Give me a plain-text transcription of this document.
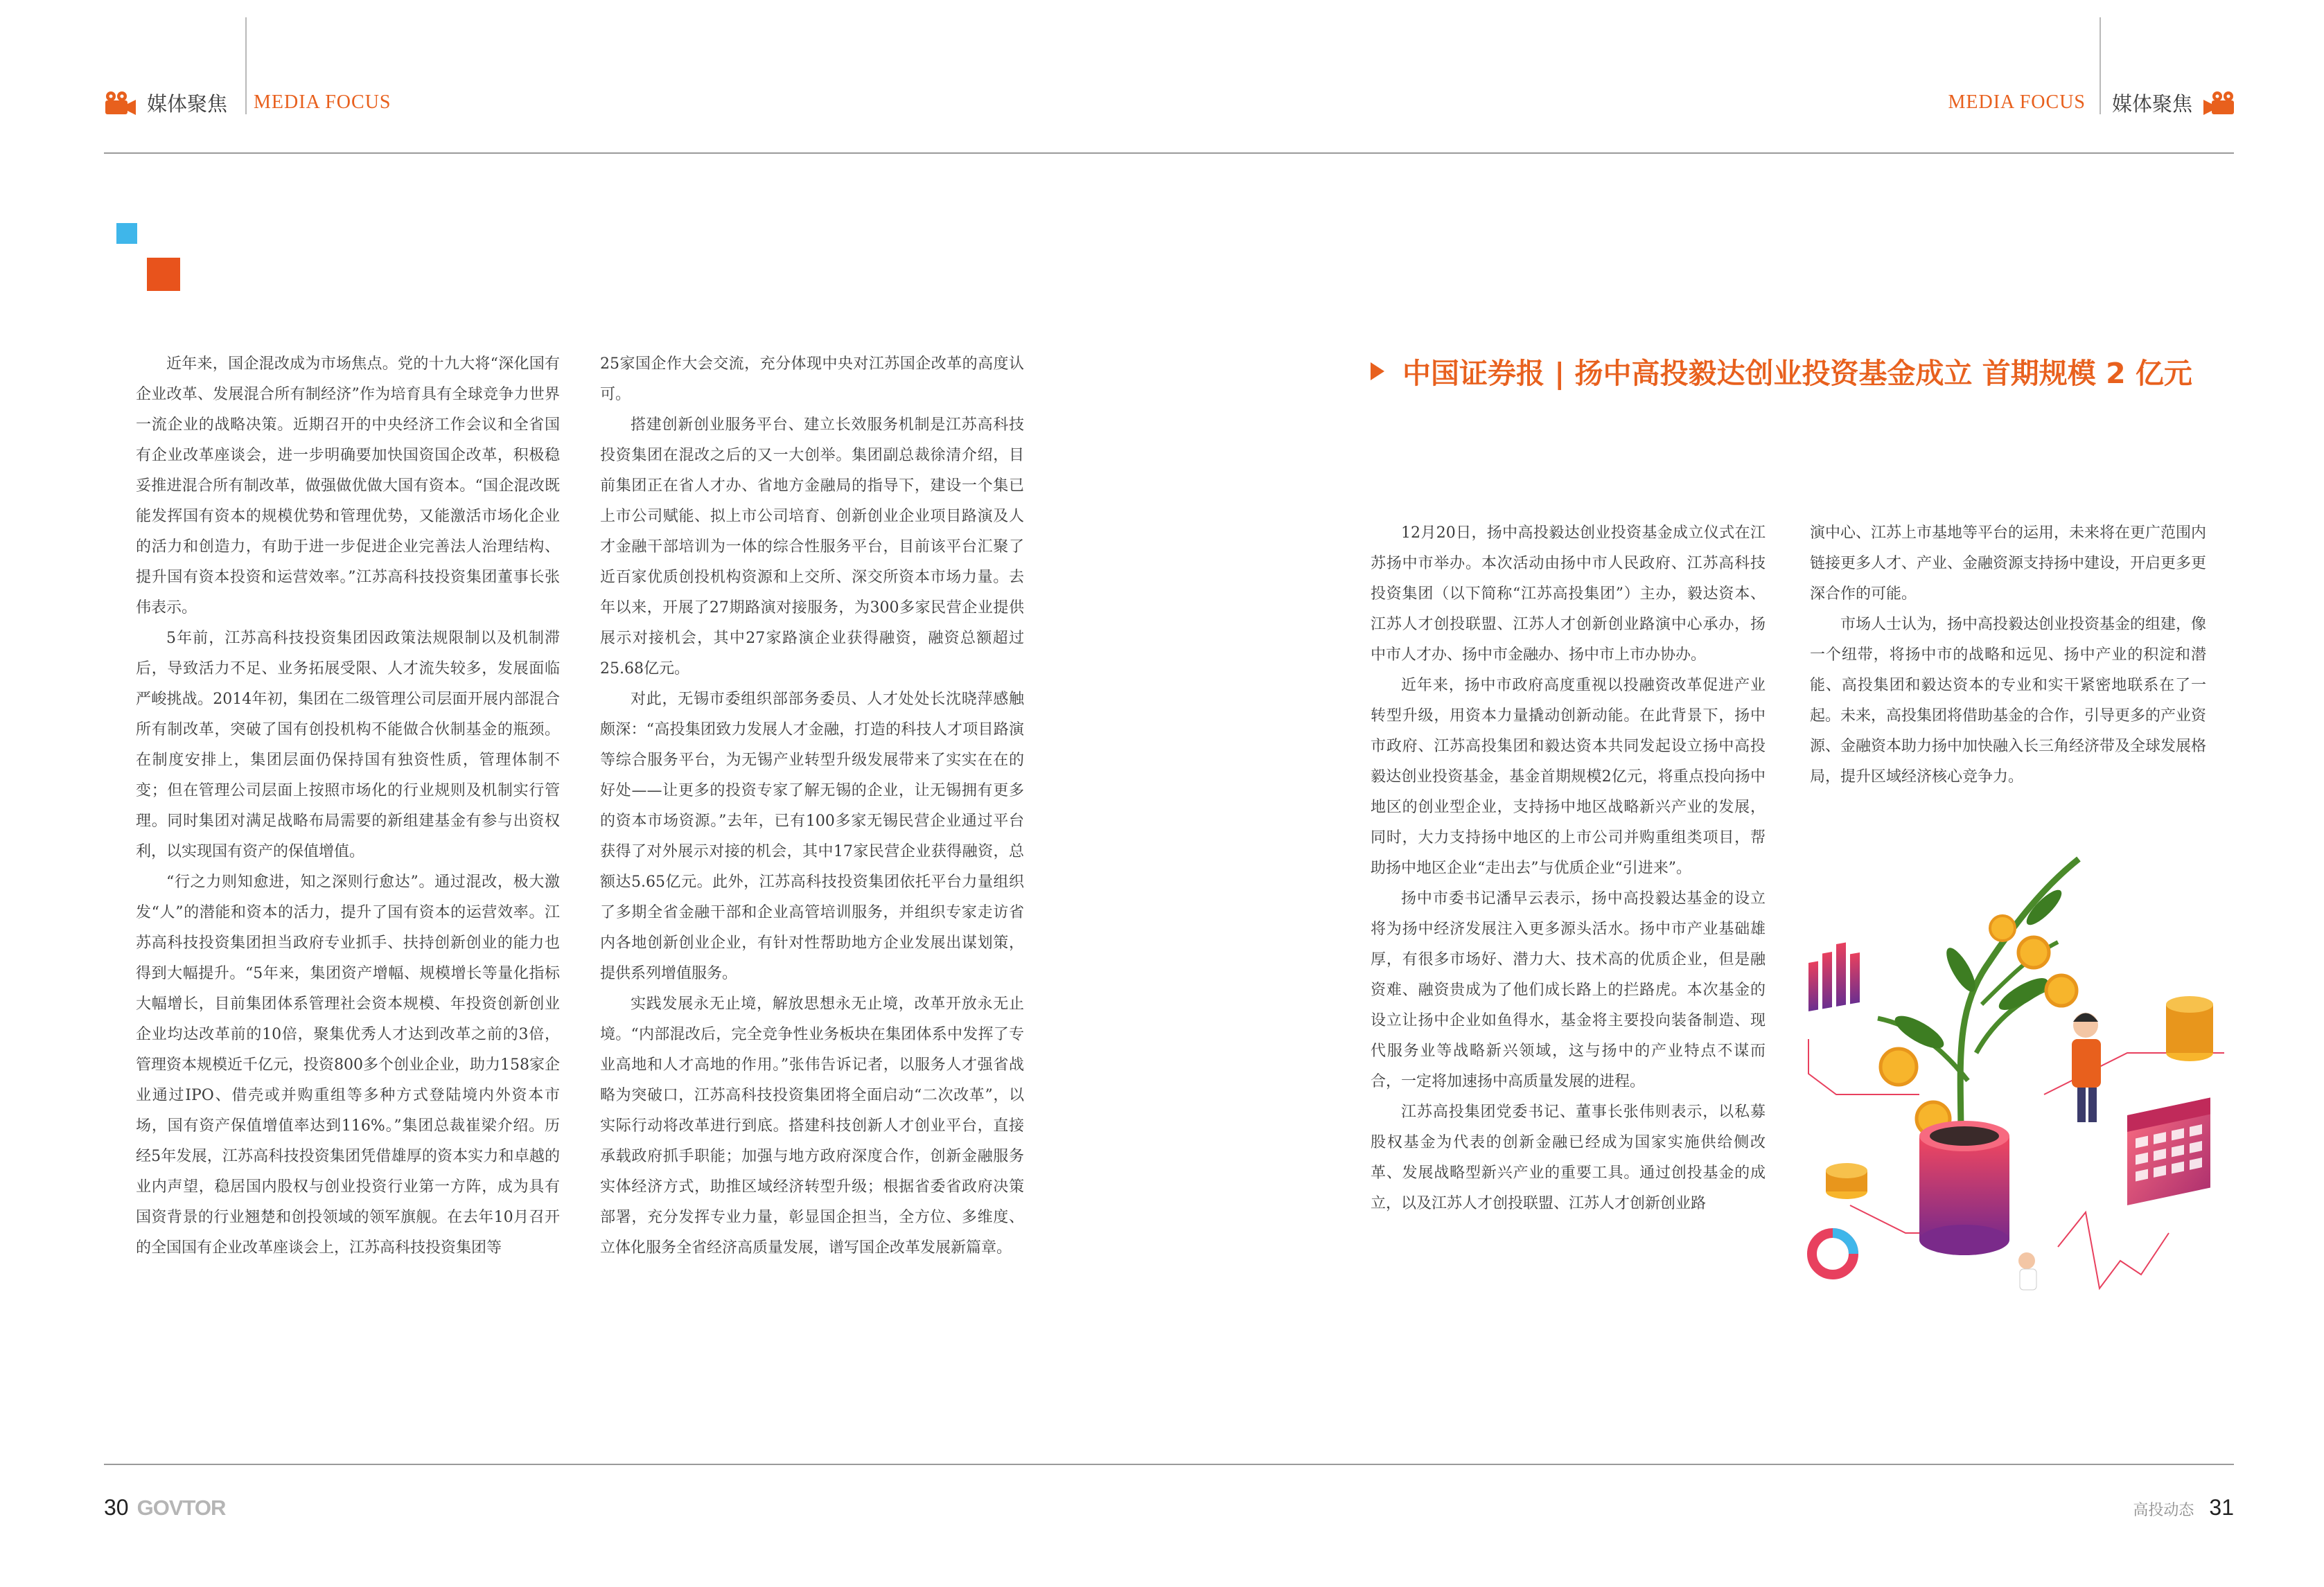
媒体聚焦 MEDIA FOCUS	MEDIA FOCUS 媒体聚焦

近年来，国企混改成为市场焦点。党的十九大将“深化国有企业改革、发展混合所有制经济”作为培育具有全球竞争力世界一流企业的战略决策。近期召开的中央经济工作会议和全省国有企业改革座谈会，进一步明确要加快国资国企改革，积极稳妥推进混合所有制改革，做强做优做大国有资本。“国企混改既能发挥国有资本的规模优势和管理优势，又能激活市场化企业的活力和创造力，有助于进一步促进企业完善法人治理结构、提升国有资本投资和运营效率。”江苏高科技投资集团董事长张伟表示。

5年前，江苏高科技投资集团因政策法规限制以及机制滞后，导致活力不足、业务拓展受限、人才流失较多，发展面临严峻挑战。2014年初，集团在二级管理公司层面开展内部混合所有制改革，突破了国有创投机构不能做合伙制基金的瓶颈。在制度安排上，集团层面仍保持国有独资性质，管理体制不变；但在管理公司层面上按照市场化的行业规则及机制实行管理。同时集团对满足战略布局需要的新组建基金有参与出资权利，以实现国有资产的保值增值。

“行之力则知愈进，知之深则行愈达”。通过混改，极大激发“人”的潜能和资本的活力，提升了国有资本的运营效率。江苏高科技投资集团担当政府专业抓手、扶持创新创业的能力也得到大幅提升。“5年来，集团资产增幅、规模增长等量化指标大幅增长，目前集团体系管理社会资本规模、年投资创新创业企业均达改革前的10倍，聚集优秀人才达到改革之前的3倍，管理资本规模近千亿元，投资800多个创业企业，助力158家企业通过IPO、借壳或并购重组等多种方式登陆境内外资本市场，国有资产保值增值率达到116%。”集团总裁崔梁介绍。历经5年发展，江苏高科技投资集团凭借雄厚的资本实力和卓越的业内声望，稳居国内股权与创业投资行业第一方阵，成为具有国资背景的行业翘楚和创投领域的领军旗舰。在去年10月召开的全国国有企业改革座谈会上，江苏高科技投资集团等

25家国企作大会交流，充分体现中央对江苏国企改革的高度认可。

搭建创新创业服务平台、建立长效服务机制是江苏高科技投资集团在混改之后的又一大创举。集团副总裁徐清介绍，目前集团正在省人才办、省地方金融局的指导下，建设一个集已上市公司赋能、拟上市公司培育、创新创业企业项目路演及人才金融干部培训为一体的综合性服务平台，目前该平台汇聚了近百家优质创投机构资源和上交所、深交所资本市场力量。去年以来，开展了27期路演对接服务，为300多家民营企业提供展示对接机会，其中27家路演企业获得融资，融资总额超过25.68亿元。

对此，无锡市委组织部部务委员、人才处处长沈晓萍感触颇深：“高投集团致力发展人才金融，打造的科技人才项目路演等综合服务平台，为无锡产业转型升级发展带来了实实在在的好处——让更多的投资专家了解无锡的企业，让无锡拥有更多的资本市场资源。”去年，已有100多家无锡民营企业通过平台获得了对外展示对接的机会，其中17家民营企业获得融资，总额达5.65亿元。此外，江苏高科技投资集团依托平台力量组织了多期全省金融干部和企业高管培训服务，并组织专家走访省内各地创新创业企业，有针对性帮助地方企业发展出谋划策，提供系列增值服务。

实践发展永无止境，解放思想永无止境，改革开放永无止境。“内部混改后，完全竞争性业务板块在集团体系中发挥了专业高地和人才高地的作用。”张伟告诉记者，以服务人才强省战略为突破口，江苏高科技投资集团将全面启动“二次改革”，以实际行动将改革进行到底。搭建科技创新人才创业平台，直接承载政府抓手职能；加强与地方政府深度合作，创新金融服务实体经济方式，助推区域经济转型升级；根据省委省政府决策部署，充分发挥专业力量，彰显国企担当，全方位、多维度、立体化服务全省经济高质量发展，谱写国企改革发展新篇章。

中国证券报 | 扬中高投毅达创业投资基金成立 首期规模 2 亿元

12月20日，扬中高投毅达创业投资基金成立仪式在江苏扬中市举办。本次活动由扬中市人民政府、江苏高科技投资集团（以下简称“江苏高投集团”）主办，毅达资本、江苏人才创投联盟、江苏人才创新创业路演中心承办，扬中市人才办、扬中市金融办、扬中市上市办协办。

近年来，扬中市政府高度重视以投融资改革促进产业转型升级，用资本力量撬动创新动能。在此背景下，扬中市政府、江苏高投集团和毅达资本共同发起设立扬中高投毅达创业投资基金，基金首期规模2亿元，将重点投向扬中地区的创业型企业，支持扬中地区战略新兴产业的发展，同时，大力支持扬中地区的上市公司并购重组类项目，帮助扬中地区企业“走出去”与优质企业“引进来”。

扬中市委书记潘早云表示，扬中高投毅达基金的设立将为扬中经济发展注入更多源头活水。扬中市产业基础雄厚，有很多市场好、潜力大、技术高的优质企业，但是融资难、融资贵成为了他们成长路上的拦路虎。本次基金的设立让扬中企业如鱼得水，基金将主要投向装备制造、现代服务业等战略新兴领域，这与扬中的产业特点不谋而合，一定将加速扬中高质量发展的进程。

江苏高投集团党委书记、董事长张伟则表示，以私募股权基金为代表的创新金融已经成为国家实施供给侧改革、发展战略型新兴产业的重要工具。通过创投基金的成立，以及江苏人才创投联盟、江苏人才创新创业路

演中心、江苏上市基地等平台的运用，未来将在更广范围内链接更多人才、产业、金融资源支持扬中建设，开启更多更深合作的可能。

市场人士认为，扬中高投毅达创业投资基金的组建，像一个纽带，将扬中市的战略和远见、扬中产业的积淀和潜能、高投集团和毅达资本的专业和实干紧密地联系在了一起。未来，高投集团将借助基金的合作，引导更多的产业资源、金融资本助力扬中加快融入长三角经济带及全球发展格局，提升区域经济核心竞争力。

30 GOVTOR	高投动态 31
